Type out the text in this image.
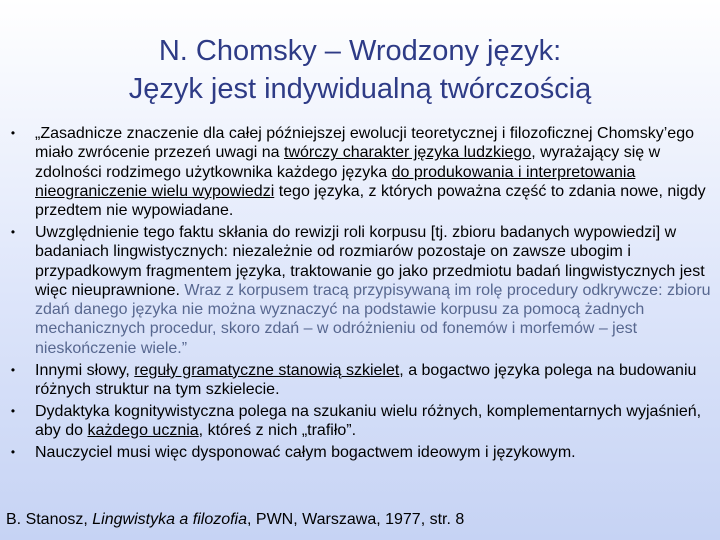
N. Chomsky – Wrodzony język:
Język jest indywidualną twórczością
•	„Zasadnicze znaczenie dla całej późniejszej ewolucji teoretycznej i filozoficznej Chomsky’ego miało zwrócenie przezeń uwagi na twórczy charakter języka ludzkiego, wyrażający się w zdolności rodzimego użytkownika każdego języka do produkowania i interpretowania nieograniczenie wielu wypowiedzi tego języka, z których poważna część to zdania nowe, nigdy przedtem nie wypowiadane.
•	Uwzględnienie tego faktu skłania do rewizji roli korpusu [tj. zbioru badanych wypowiedzi] w badaniach lingwistycznych: niezależnie od rozmiarów pozostaje on zawsze ubogim i przypadkowym fragmentem języka, traktowanie go jako przedmiotu badań lingwistycznych jest więc nieuprawnione. Wraz z korpusem tracą przypisywaną im rolę procedury odkrywcze: zbioru zdań danego języka nie można wyznaczyć na podstawie korpusu za pomocą żadnych mechanicznych procedur, skoro zdań – w odróżnieniu od fonemów i morfemów – jest nieskończenie wiele.”
•	Innymi słowy, reguły gramatyczne stanowią szkielet, a bogactwo języka polega na budowaniu różnych struktur na tym szkielecie.
•	Dydaktyka kognitywistyczna polega na szukaniu wielu różnych, komplementarnych wyjaśnień, aby do każdego ucznia, któreś z nich „trafiło”.
•	Nauczyciel musi więc dysponować całym bogactwem ideowym i językowym.
B. Stanosz, Lingwistyka a filozofia, PWN, Warszawa, 1977, str. 8
